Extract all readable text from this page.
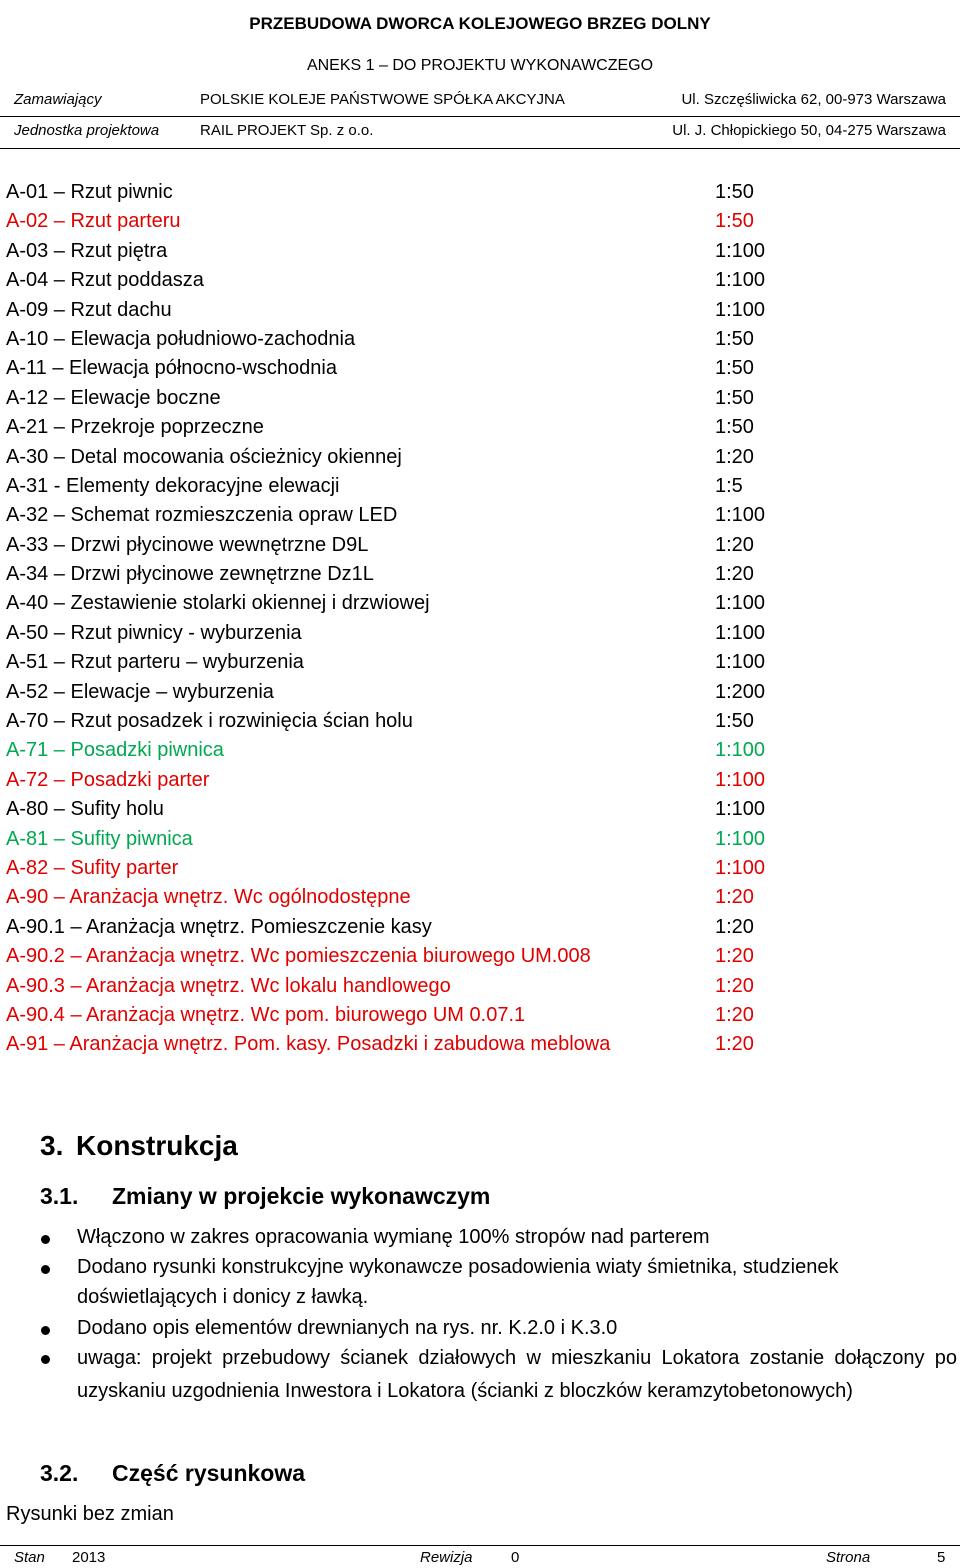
PRZEBUDOWA DWORCA KOLEJOWEGO BRZEG DOLNY
ANEKS 1 – DO PROJEKTU WYKONAWCZEGO
Zamawiający	POLSKIE KOLEJE PAŃSTWOWE SPÓŁKA AKCYJNA	Ul. Szczęśliwicka 62, 00-973 Warszawa
Jednostka projektowa	RAIL PROJEKT Sp. z o.o.	Ul. J. Chłopickiego 50, 04-275 Warszawa
A-01 – Rzut piwnic	1:50
A-02 – Rzut parteru	1:50
A-03 – Rzut piętra	1:100
A-04 – Rzut poddasza	1:100
A-09 – Rzut dachu	1:100
A-10 – Elewacja południowo-zachodnia	1:50
A-11 – Elewacja północno-wschodnia	1:50
A-12 – Elewacje boczne	1:50
A-21 – Przekroje poprzeczne	1:50
A-30 – Detal mocowania ościeżnicy okiennej	1:20
A-31 - Elementy dekoracyjne elewacji	1:5
A-32 – Schemat rozmieszczenia opraw LED	1:100
A-33 – Drzwi płycinowe wewnętrzne D9L	1:20
A-34 – Drzwi płycinowe zewnętrzne Dz1L	1:20
A-40 – Zestawienie stolarki okiennej i drzwiowej	1:100
A-50 – Rzut piwnicy - wyburzenia	1:100
A-51 – Rzut parteru – wyburzenia	1:100
A-52 – Elewacje – wyburzenia	1:200
A-70 – Rzut posadzek i rozwinięcia ścian holu	1:50
A-71 – Posadzki piwnica	1:100
A-72 – Posadzki parter	1:100
A-80 – Sufity holu	1:100
A-81 – Sufity piwnica	1:100
A-82 – Sufity parter	1:100
A-90 – Aranżacja wnętrz. Wc ogólnodostępne	1:20
A-90.1 – Aranżacja wnętrz. Pomieszczenie kasy	1:20
A-90.2 – Aranżacja wnętrz. Wc pomieszczenia biurowego UM.008	1:20
A-90.3 – Aranżacja wnętrz. Wc lokalu handlowego	1:20
A-90.4 – Aranżacja wnętrz. Wc pom. biurowego UM 0.07.1	1:20
A-91 – Aranżacja wnętrz. Pom. kasy. Posadzki i zabudowa meblowa	1:20
3. Konstrukcja
3.1. Zmiany w projekcie wykonawczym
Włączono w zakres opracowania wymianę 100% stropów nad parterem
Dodano rysunki konstrukcyjne wykonawcze posadowienia wiaty śmietnika, studzienek doświetlających i donicy z ławką.
Dodano opis elementów drewnianych na rys. nr. K.2.0 i K.3.0
uwaga: projekt przebudowy ścianek działowych w mieszkaniu Lokatora zostanie dołączony po uzyskaniu uzgodnienia Inwestora i Lokatora (ścianki z bloczków keramzytobetonowych)
3.2. Część rysunkowa
Rysunki bez zmian
Stan 2013	Rewizja	0	Strona	5
